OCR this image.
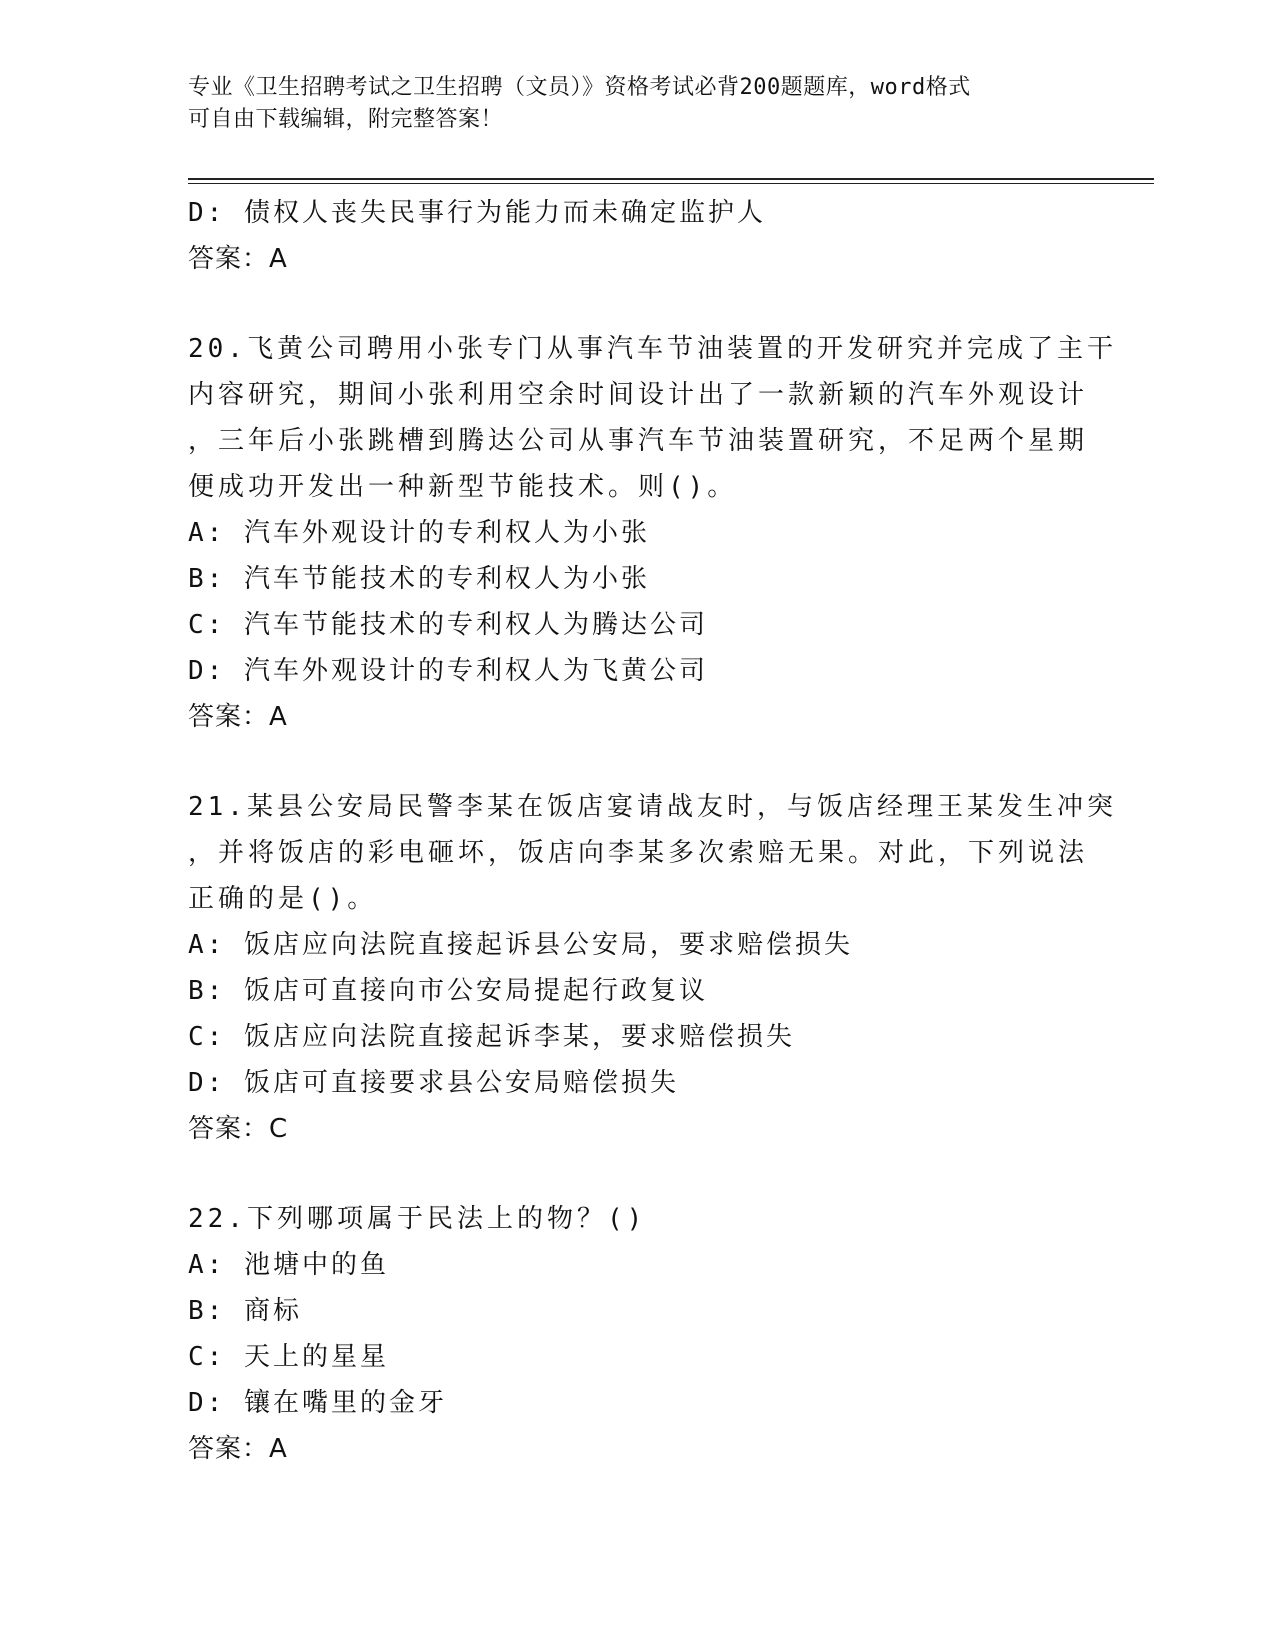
专业《卫生招聘考试之卫生招聘（文员）》资格考试必背200题题库，word格式
可自由下载编辑，附完整答案！
D: 债权人丧失民事行为能力而未确定监护人
答案：A
20.飞黄公司聘用小张专门从事汽车节油装置的开发研究并完成了主干
内容研究，期间小张利用空余时间设计出了一款新颖的汽车外观设计
，三年后小张跳槽到腾达公司从事汽车节油装置研究，不足两个星期
便成功开发出一种新型节能技术。则()。
A: 汽车外观设计的专利权人为小张
B: 汽车节能技术的专利权人为小张
C: 汽车节能技术的专利权人为腾达公司
D: 汽车外观设计的专利权人为飞黄公司
答案：A
21.某县公安局民警李某在饭店宴请战友时，与饭店经理王某发生冲突
，并将饭店的彩电砸坏，饭店向李某多次索赔无果。对此，下列说法
正确的是()。
A: 饭店应向法院直接起诉县公安局，要求赔偿损失
B: 饭店可直接向市公安局提起行政复议
C: 饭店应向法院直接起诉李某，要求赔偿损失
D: 饭店可直接要求县公安局赔偿损失
答案：C
22.下列哪项属于民法上的物？()
A: 池塘中的鱼
B: 商标
C: 天上的星星
D: 镶在嘴里的金牙
答案：A
